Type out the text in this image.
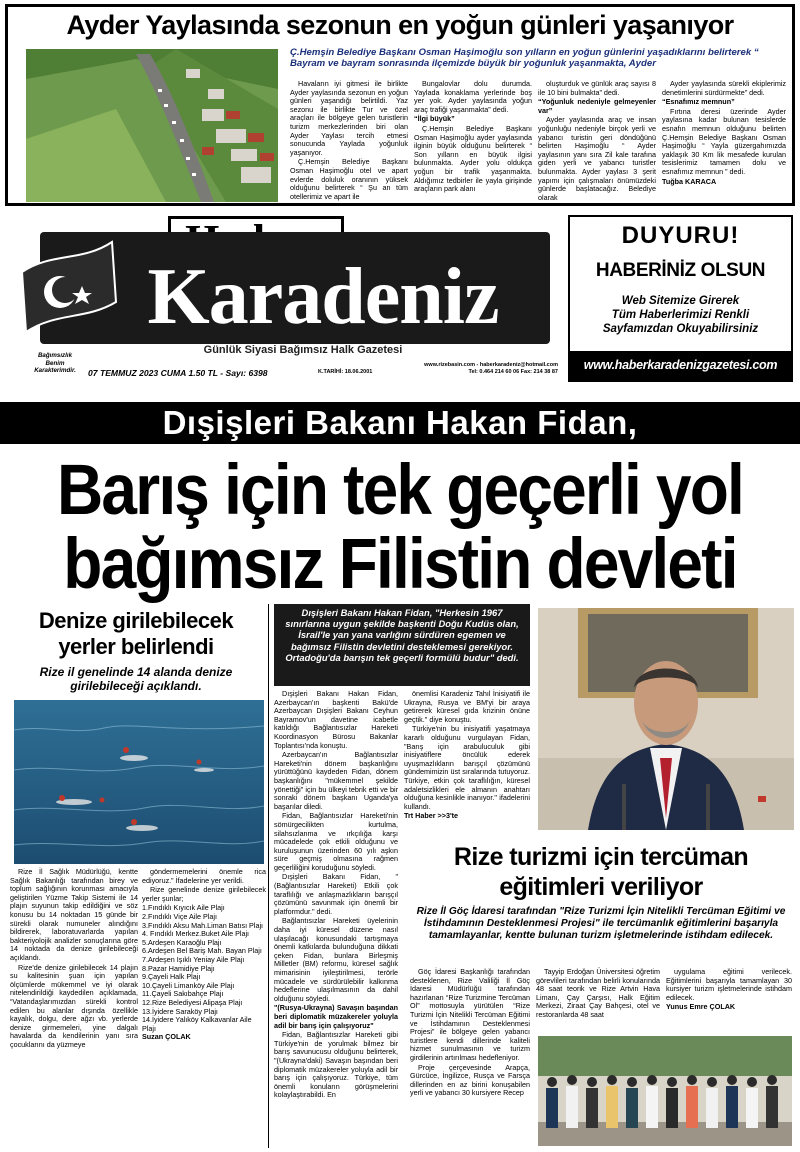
Ayder Yaylasında sezonun en yoğun günleri yaşanıyor
Ç.Hemşin Belediye Başkanı Osman Haşimoğlu son yılların en yoğun günlerini yaşadıklarını belirterek “ Bayram ve bayram sonrasında ilçemizde büyük bir yoğunluk yaşanmakta, Ayder

Havaların iyi gitmesi ile birlikte Ayder yaylasında sezonun en yoğun günleri yaşandığı belirtildi. Yaz sezonu ile birlikte Tur ve özel araçları ile bölgeye gelen turistlerin turizm merkezlerinden biri olan Ayder Yaylası tercih etmesi sonucunda Yaylada yoğunluk yaşanıyor.

Ç.Hemşin Belediye Başkanı Osman Haşimoğlu otel ve apart evlerde doluluk oranının yüksek olduğunu belirterek “ Şu an tüm otellerimiz ve apart ile

Bungalovlar dolu durumda. Yaylada konaklama yerlerinde boş yer yok. Ayder yaylasında yoğun araç trafiği yaşanmakta” dedi.

“İlgi büyük”

Ç.Hemşin Belediye Başkanı Osman Haşimoğlu ayder yaylasında ilginin büyük olduğunu belirterek “ Son yılların en büyük ilgisi bulunmakta. Ayder yolu oldukça yoğun bir trafik yaşanmakta. Aldığımız tedbirler ile yayla girişinde araçların park alanı

oluşturduk ve günlük araç sayısı 8 ile 10 bini bulmakta” dedi.

“Yoğunluk nedeniyle gelmeyenler var”

Ayder yaylasında araç ve insan yoğunluğu nedeniyle birçok yerli ve yabancı turistin geri döndüğünü belirten Haşimoğlu “ Ayder yaylasının yanı sıra Zil kale tarafına giden yerli ve yabancı turistler bulunmakta. Ayder yaylası 3 şerit yapımı için çalışmaları önümüzdeki günlerde başlatacağız. Belediye olarak

Ayder yaylasında sürekli ekiplerimiz denetimlerini sürdürmekte” dedi.

“Esnafımız memnun”

Fırtına deresi üzerinde Ayder yaylasına kadar bulunan tesislerde esnafın memnun olduğunu belirten Ç.Hemşin Belediye Başkanı Osman Haşimoğlu “ Yayla güzergahımızda yaklaşık 30 Km lik mesafede kurulan tesislerimiz tamamen dolu ve esnafımız memnun ” dedi.

Tuğba KARACA

Karadeniz
Günlük Siyasi Bağımsız Halk Gazetesi
Bağımsızlık
Benim
Karakterimdir.	07 TEMMUZ 2023 CUMA 1.50 TL - Sayı: 6398	K.TARİHİ: 18.06.2001
www.rizebasin.com - haberkaradeniz@hotmail.com
Tel: 0.464 214 60 06 Fax: 214 38 87
DUYURU!
HABERİNİZ OLSUN
Web Sitemize Girerek
Tüm Haberlerimizi Renkli
Sayfamızdan Okuyabilirsiniz
www.haberkaradenizgazetesi.com
Dışişleri Bakanı Hakan Fidan,
Barış için tek geçerli yol
bağımsız Filistin devleti
Denize girilebilecek
yerler belirlendi
Rize il genelinde 14 alanda denize girilebileceği açıklandı.

Rize İl Sağlık Müdürlüğü, kentte Sağlık Bakanlığı tarafından birey ve toplum sağlığının korunması amacıyla geliştirilen Yüzme Takip Sistemi ile 14 plajın suyunun takip edildiğini ve söz konusu bu 14 noktadan 15 günde bir sürekli olarak numuneler alındığını bildirerek, laboratuvarlarda yapılan bakteriyolojik analizler sonuçlarına göre 14 noktada da denize girilebileceği açıklandı.

Rize'de denize girilebilecek 14 plajın su kalitesinin şuan için yapılan ölçümlerde mükemmel ve iyi olarak nitelendirildiği kaydedilen açıklamada, “Vatandaşlarımızdan sürekli kontrol edilen bu alanlar dışında özellikle kayalık, dolgu, dere ağzı vb. yerlerde denize girmemeleri, yine dalgalı havalarda da kendilerinin yanı sıra çocuklarını da yüzmeye

göndermemelerini önemle rica ediyoruz.” İfadelerine yer verildi.

Rize genelinde denize girilebilecek yerler şunlar;

1.Fındıklı Kıyıcık Aile Plajı
2.Fındıklı Viçe Aile Plajı
3.Fındıklı Aksu Mah.Liman Batısı Plajı
4. Fındıklı Merkez.Buket Aile Plajı
5.Ardeşen Karaoğlu Plajı
6.Ardeşen Bel Bariş Mah. Bayan Plajı
7.Ardeşen Işıklı Yeniay Aile Plajı
8.Pazar Hamidiye Plajı
9.Çayeli Halk Plajı
10.Çayeli Limanköy Aile Plajı
11.Çayeli Sakıbahçe Plajı
12.Rize Belediyesi Alipaşa Plajı
13.İyidere Saraköy Plajı
14.İyidere Yalıköy Kalkavanlar Aile Plajı

Suzan ÇOLAK

Dışişleri Bakanı Hakan Fidan, "Herkesin 1967 sınırlarına uygun şekilde başkenti Doğu Kudüs olan, İsrail'le yan yana varlığını sürdüren egemen ve bağımsız Filistin devletini desteklemesi gerekiyor. Ortadoğu'da barışın tek geçerli formülü budur" dedi.

Dışişleri Bakanı Hakan Fidan, Azerbaycan'ın başkenti Bakü'de Azerbaycan Dışişleri Bakanı Ceyhun Bayramov'un davetine icabetle katıldığı Bağlantısızlar Hareketi Koordinasyon Bürosu Bakanlar Toplantısı'nda konuştu.

Azerbaycan'ın Bağlantısızlar Hareketi'nin dönem başkanlığını yürüttüğünü kaydeden Fidan, dönem başkanlığını "mükemmel şekilde yönettiği" için bu ülkeyi tebrik etti ve bir sonraki dönem başkanı Uganda'ya başarılar diledi.

Fidan, Bağlantısızlar Hareketi'nin sömürgecilikten kurtulma, silahsızlanma ve ırkçılığa karşı mücadelede çok etkili olduğunu ve kuruluşunun üzerinden 60 yılı aşkın süre geçmiş olmasına rağmen geçerliliğini koruduğunu söyledi.

Dışişleri Bakanı Fidan, "(Bağlantısızlar Hareketi) Etkili çok taraflılığı ve anlaşmazlıkların barışçıl çözümünü savunmak için önemli bir platformdur." dedi.

Bağlantısızlar Hareketi üyelerinin daha iyi küresel düzene nasıl ulaşılacağı konusundaki tartışmaya önemli katkılarda bulunduğuna dikkati çeken Fidan, bunlara Birleşmiş Milletler (BM) reformu, küresel sağlık mimarisinin iyileştirilmesi, terörle mücadele ve sürdürülebilir kalkınma hedeflerine ulaşılmasının da dahil olduğunu söyledi.

"(Rusya-Ukrayna) Savaşın başından beri diplomatik müzakereler yoluyla adil bir barış için çalışıyoruz"

Fidan, Bağlantısızlar Hareketi gibi Türkiye'nin de yorulmak bilmez bir barış savunucusu olduğunu belirterek, "(Ukrayna'daki) Savaşın başından beri diplomatik müzakereler yoluyla adil bir barış için çalışıyoruz. Türkiye, tüm önemli konuların görüşmelerini kolaylaştırabildi. En

önemlisi Karadeniz Tahıl İnisiyatifi ile Ukrayna, Rusya ve BM'yi bir araya getirerek küresel gıda krizinin önüne geçtik." diye konuştu.

Türkiye'nin bu inisiyatifi yaşatmaya kararlı olduğunu vurgulayan Fidan, "Barış için arabuluculuk gibi inisiyatiflere öncülük ederek uyuşmazlıkların barışçıl çözümünü gündemimizin üst sıralarında tutuyoruz. Türkiye, etkin çok taraflılığın, küresel adaletsizlikleri ele almanın anahtarı olduğuna kesinlikle inanıyor." ifadelerini kullandı.

Trt Haber >>3'te

Rize turizmi için tercüman
eğitimleri veriliyor
Rize İl Göç İdaresi tarafından "Rize Turizmi İçin Nitelikli Tercüman Eğitimi ve İstihdamının Desteklenmesi Projesi" ile tercümanlık eğitimlerini başarıyla tamamlayanlar, kentte bulunan turizm işletmelerinde istihdam edilecek.

Göç İdaresi Başkanlığı tarafından desteklenen, Rize Valiliği İl Göç İdaresi Müdürlüğü tarafından hazırlanan “Rize Turizmine Tercüman Ol” mottosuyla yürütülen “Rize Turizmi İçin Nitelikli Tercüman Eğitimi ve İstihdamının Desteklenmesi Projesi” ile bölgeye gelen yabancı turistlere kendi dillerinde kaliteli hizmet sunulmasının ve turizm girdilerinin artırılması hedefleniyor.

Proje çerçevesinde Arapça, Gürcüce, İngilizce, Rusça ve Farsça dillerinden en az birini konuşabilen yerli ve yabancı 30 kursiyere Recep

Tayyip Erdoğan Üniversitesi öğretim görevlileri tarafından belirli konularında 48 saat teorik ve Rize Artvin Hava Limanı, Çay Çarşısı, Halk Eğitim Merkezi, Ziraat Çay Bahçesi, otel ve restoranlarda 48 saat

uygulama eğitimi verilecek. Eğitimlerini başarıyla tamamlayan 30 kursiyer turizm işletmelerinde istihdam edilecek.

Yunus Emre ÇOLAK
